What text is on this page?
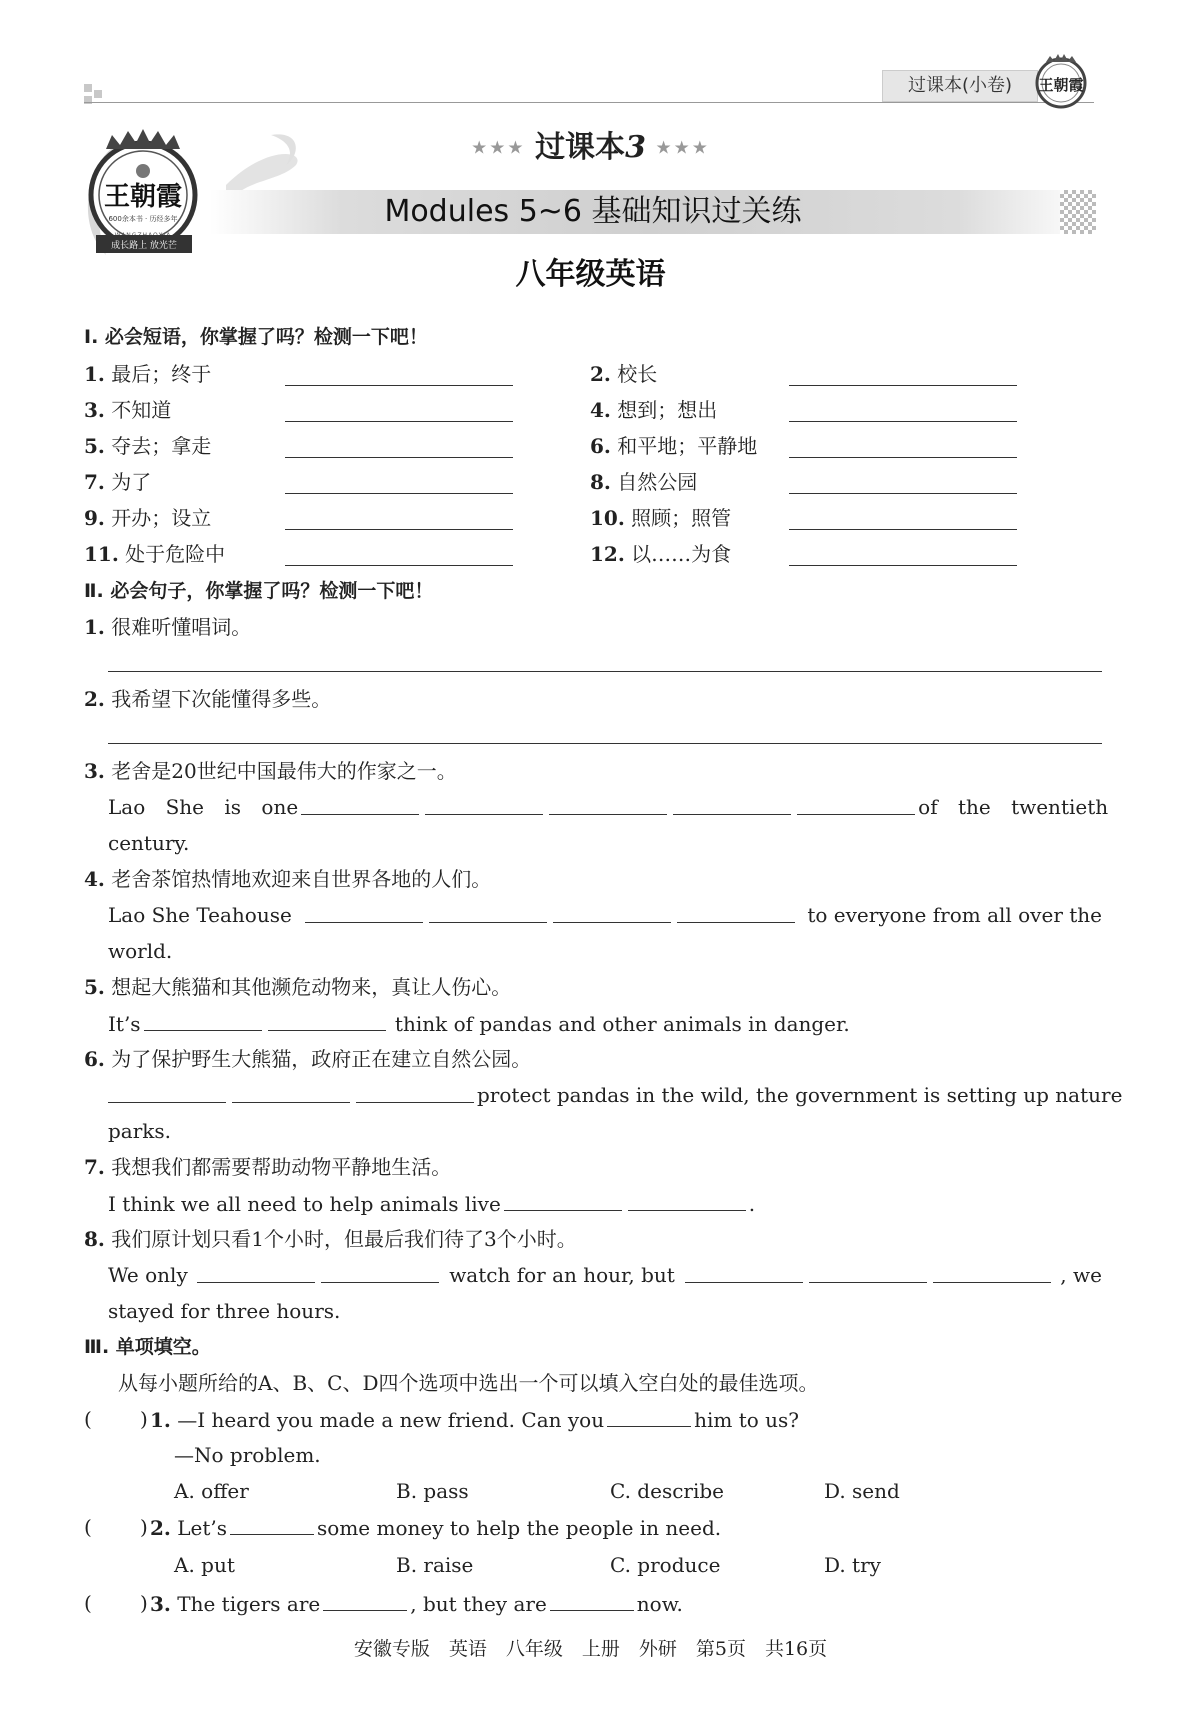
过课本(小卷)	王朝霞
王朝霞
600余本书 · 历经多年
成长路上 放光芒
★★★ 过课本3 ★★★
Modules 5~6 基础知识过关练
八年级英语
Ⅰ. 必会短语，你掌握了吗？检测一下吧！
1. 最后；终于	2. 校长
3. 不知道	4. 想到；想出
5. 夺去；拿走	6. 和平地；平静地
7. 为了	8. 自然公园
9. 开办；设立	10. 照顾；照管
11. 处于危险中	12. 以……为食
Ⅱ. 必会句子，你掌握了吗？检测一下吧！
1. 很难听懂唱词。
2. 我希望下次能懂得多些。
3. 老舍是20世纪中国最伟大的作家之一。
Lao She is one	of the twentieth
century.
4. 老舍茶馆热情地欢迎来自世界各地的人们。
Lao She Teahouse	to everyone from all over the
world.
5. 想起大熊猫和其他濒危动物来，真让人伤心。
It’s	think of pandas and other animals in danger.
6. 为了保护野生大熊猫，政府正在建立自然公园。
protect pandas in the wild, the government is setting up nature
parks.
7. 我想我们都需要帮助动物平静地生活。
I think we all need to help animals live	.
8. 我们原计划只看1个小时，但最后我们待了3个小时。
We only	watch for an hour, but	, we
stayed for three hours.
Ⅲ. 单项填空。
从每小题所给的A、B、C、D四个选项中选出一个可以填入空白处的最佳选项。
( ) 1. —I heard you made a new friend. Can you	him to us?
—No problem.
A. offer	B. pass	C. describe	D. send
( ) 2. Let’s	some money to help the people in need.
A. put	B. raise	C. produce	D. try
( ) 3. The tigers are	, but they are	now.
安徽专版　英语　八年级　上册　外研　第5页　共16页
